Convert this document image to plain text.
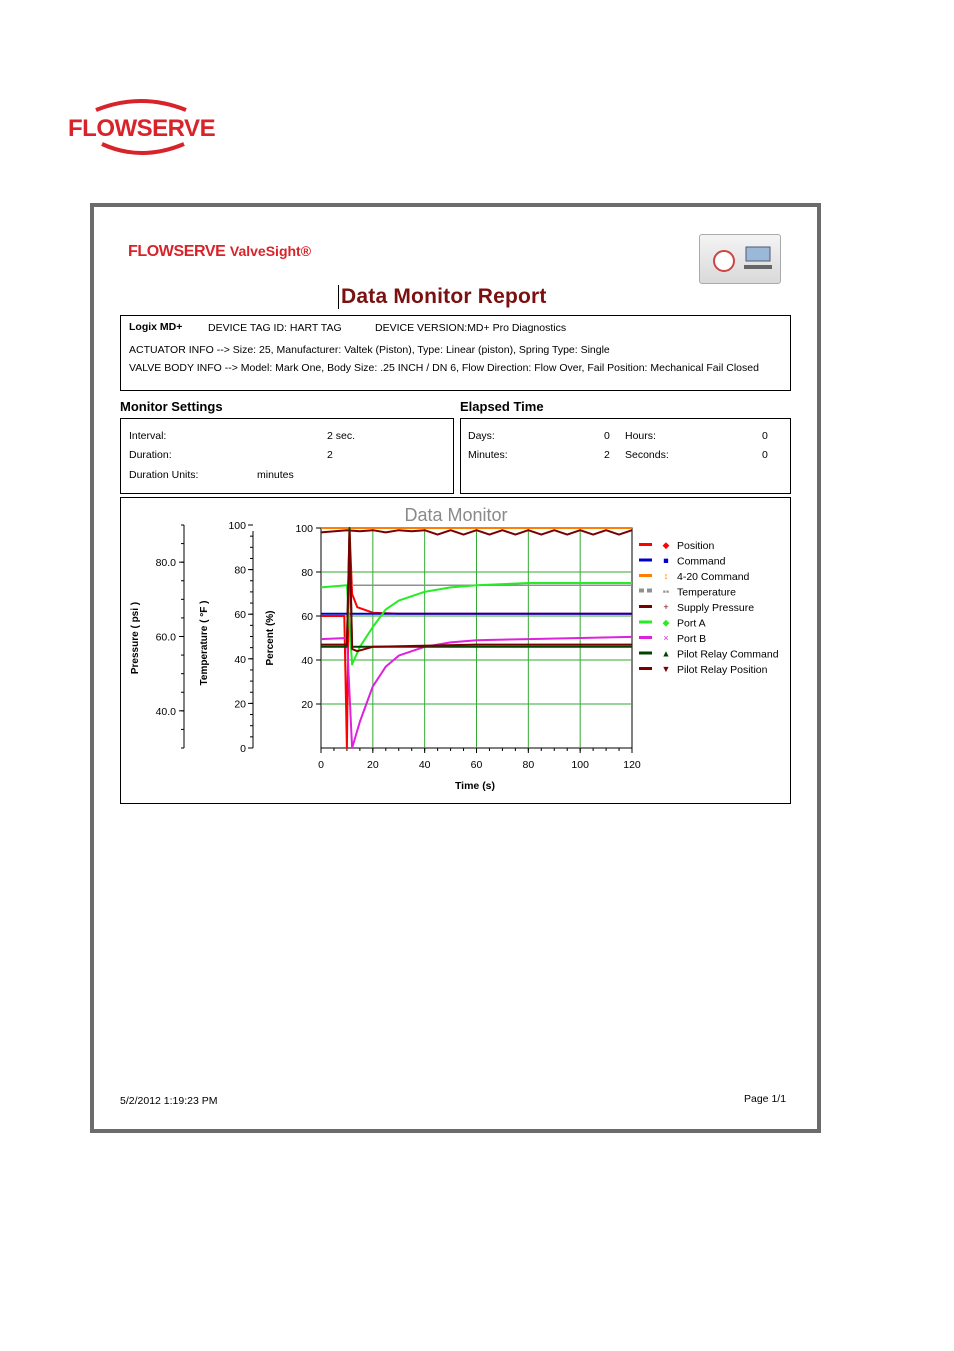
FLOWSERVE
FLOWSERVE ValveSight®
Data Monitor Report
Logix MD+ DEVICE TAG ID: HART TAG	DEVICE VERSION:MD+ Pro Diagnostics
ACTUATOR INFO --> Size: 25, Manufacturer: Valtek (Piston), Type: Linear (piston), Spring Type: Single
VALVE BODY INFO --> Model: Mark One, Body Size: .25 INCH / DN 6, Flow Direction: Flow Over, Fail Position: Mechanical Fail Closed
Monitor Settings
Interval:	2 sec.
Duration:	2
Duration Units:	minutes
Elapsed Time
Days:	0 Hours:	0
Minutes:	2 Seconds:	0
Data Monitor
0	20	40	60	80	100	120
20
40
60
80
100
Percent (%)
0
20
40
60
80
100
Temperature ( °F )
40.0
60.0
80.0
Pressure ( psi )
◆ Position
■ Command
↕ 4-20 Command
▪▪ Temperature
+ Supply Pressure
◆ Port A
× Port B
▲ Pilot Relay Command
▼ Pilot Relay Position
Time (s)
5/2/2012 1:19:23 PM	Page 1/1
